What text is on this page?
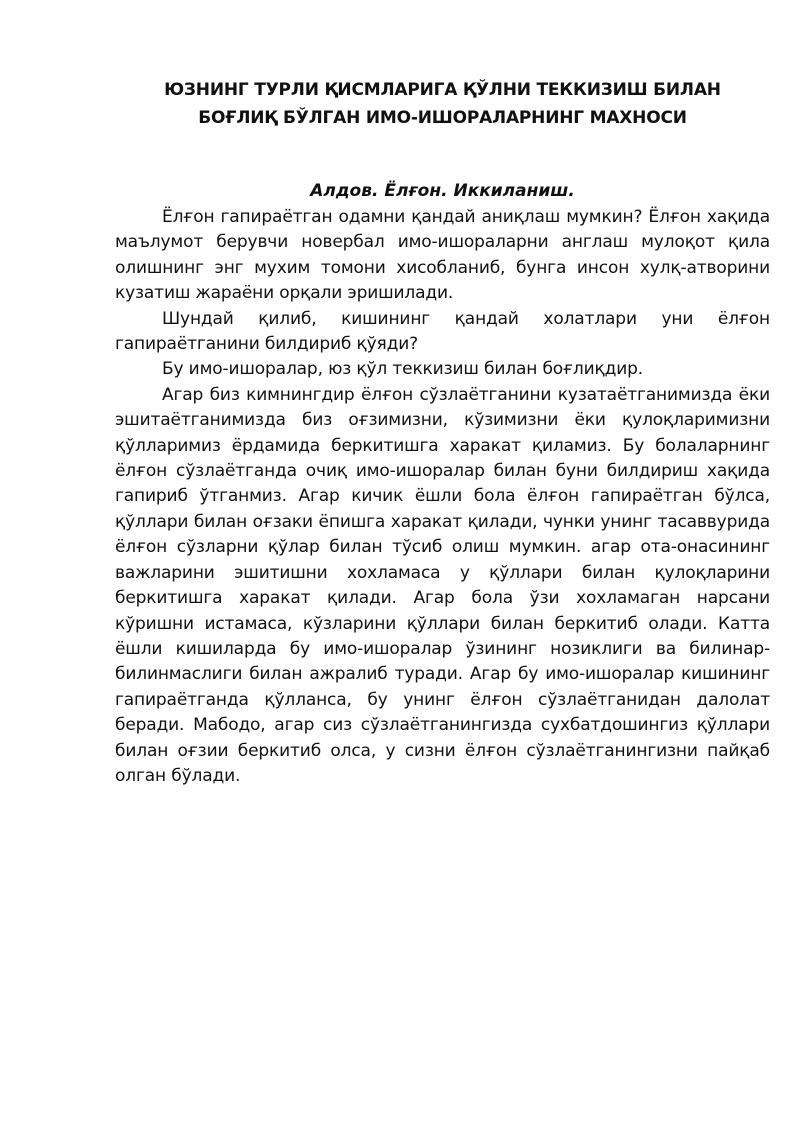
ЮЗНИНГ ТУРЛИ ҚИСМЛАРИГА ҚЎЛНИ ТЕККИЗИШ БИЛАН
БОҒЛИҚ БЎЛГАН ИМО-ИШОРАЛАРНИНГ МАХНОСИ

Алдов. Ёлғон. Иккиланиш.

Ёлғон гапираётган одамни қандай аниқлаш мумкин? Ёлғон хақида маълумот берувчи новербал имо-ишораларни англаш мулоқот қила олишнинг энг мухим томони хисобланиб, бунга инсон хулқ-атворини кузатиш жараёни орқали эришилади.

Шундай қилиб, кишининг қандай холатлари уни ёлғон гапираётганини билдириб қўяди?

Бу имо-ишоралар, юз қўл теккизиш билан боғлиқдир.

Агар биз кимнингдир ёлғон сўзлаётганини кузатаётганимизда ёки эшитаётганимизда биз оғзимизни, кўзимизни ёки қулоқларимизни қўлларимиз ёрдамида беркитишга харакат қиламиз. Бу болаларнинг ёлғон сўзлаётганда очиқ имо-ишоралар билан буни билдириш хақида гапириб ўтганмиз. Агар кичик ёшли бола ёлғон гапираётган бўлса, қўллари билан оғзаки ёпишга харакат қилади, чунки унинг тасаввурида ёлғон сўзларни қўлар билан тўсиб олиш мумкин. агар ота-онасининг важларини эшитишни хохламаса у қўллари билан қулоқларини беркитишга харакат қилади. Агар бола ўзи хохламаган нарсани кўришни истамаса, кўзларини қўллари билан беркитиб олади. Катта ёшли кишиларда бу имо-ишоралар ўзининг нозиклиги ва билинар-билинмаслиги билан ажралиб туради. Агар бу имо-ишоралар кишининг гапираётганда қўлланса, бу унинг ёлғон сўзлаётганидан далолат беради. Мабодо, агар сиз сўзлаётганингизда сухбатдошингиз қўллари билан оғзии беркитиб олса, у сизни ёлғон сўзлаётганингизни пайқаб олган бўлади.
